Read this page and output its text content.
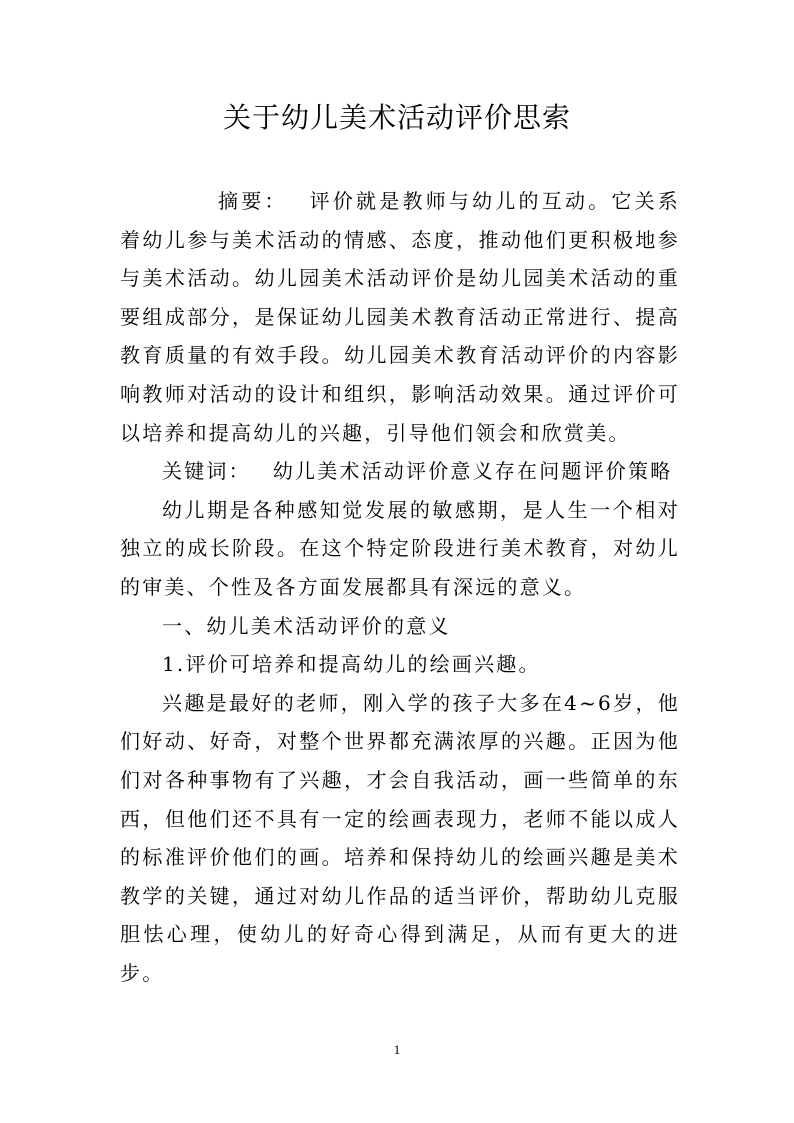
关于幼儿美术活动评价思索

摘要： 评价就是教师与幼儿的互动。它关系着幼儿参与美术活动的情感、态度，推动他们更积极地参与美术活动。幼儿园美术活动评价是幼儿园美术活动的重要组成部分，是保证幼儿园美术教育活动正常进行、提高教育质量的有效手段。幼儿园美术教育活动评价的内容影响教师对活动的设计和组织，影响活动效果。通过评价可以培养和提高幼儿的兴趣，引导他们领会和欣赏美。

关键词： 幼儿美术活动评价意义存在问题评价策略

幼儿期是各种感知觉发展的敏感期，是人生一个相对独立的成长阶段。在这个特定阶段进行美术教育，对幼儿的审美、个性及各方面发展都具有深远的意义。

一、幼儿美术活动评价的意义

1.评价可培养和提高幼儿的绘画兴趣。

兴趣是最好的老师，刚入学的孩子大多在4~6岁，他们好动、好奇，对整个世界都充满浓厚的兴趣。正因为他们对各种事物有了兴趣，才会自我活动，画一些简单的东西，但他们还不具有一定的绘画表现力，老师不能以成人的标准评价他们的画。培养和保持幼儿的绘画兴趣是美术教学的关键，通过对幼儿作品的适当评价，帮助幼儿克服胆怯心理，使幼儿的好奇心得到满足，从而有更大的进步。

1
